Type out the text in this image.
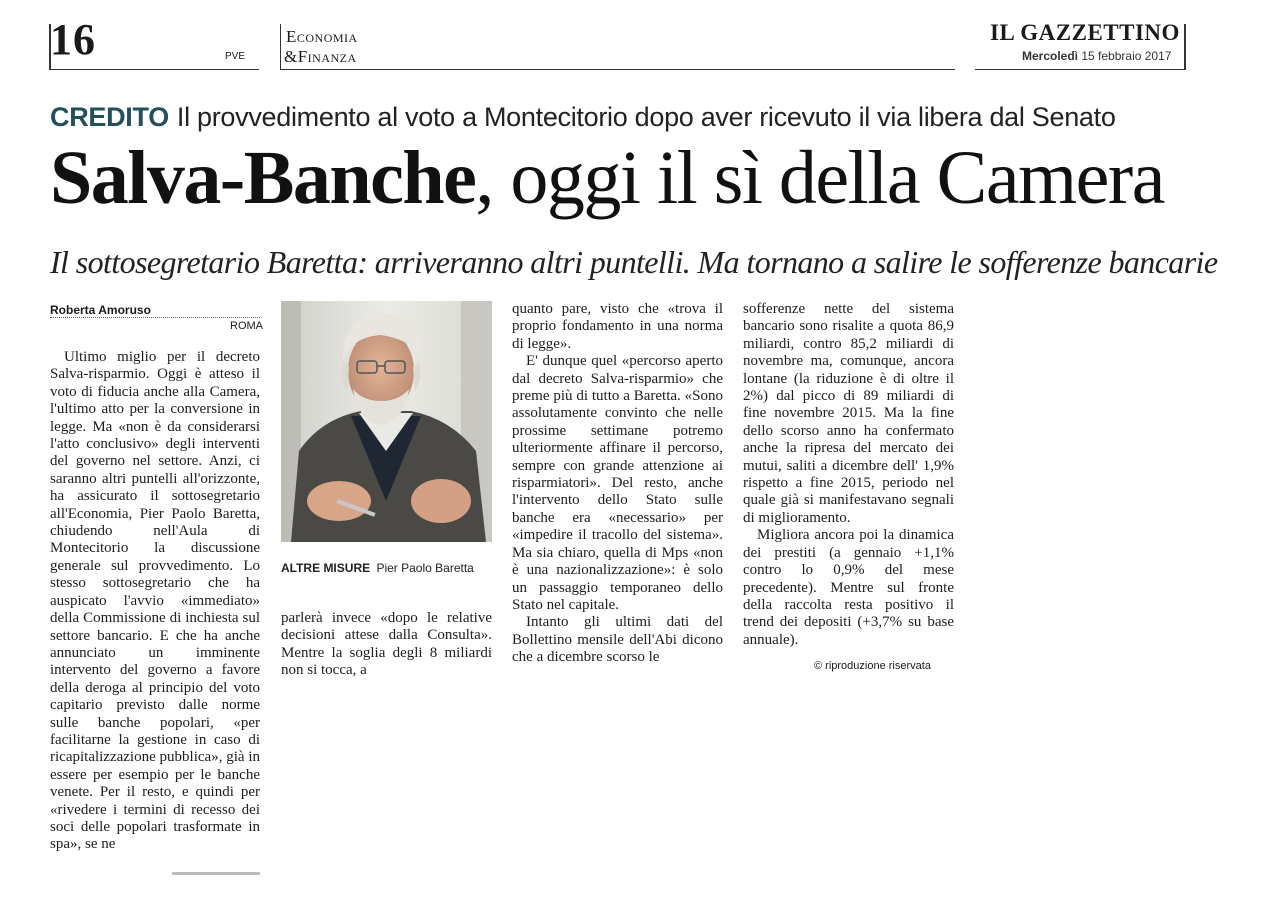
16	PVE
Economia
&Finanza
IL GAZZETTINO
Mercoledì 15 febbraio 2017
CREDITO Il provvedimento al voto a Montecitorio dopo aver ricevuto il via libera dal Senato
Salva-Banche, oggi il sì della Camera
Il sottosegretario Baretta: arriveranno altri puntelli. Ma tornano a salire le sofferenze bancarie
Roberta Amoruso
ROMA

Ultimo miglio per il decreto Salva-risparmio. Oggi è atteso il voto di fiducia anche alla Camera, l'ultimo atto per la conversione in legge. Ma «non è da considerarsi l'atto conclusivo» degli interventi del governo nel settore. Anzi, ci saranno altri puntelli all'orizzonte, ha assicurato il sottosegretario all'Economia, Pier Paolo Baretta, chiudendo nell'Aula di Montecitorio la discussione generale sul provvedimento. Lo stesso sottosegretario che ha auspicato l'avvio «immediato» della Commissione di inchiesta sul settore bancario. E che ha anche annunciato un imminente intervento del governo a favore della deroga al principio del voto capitario previsto dalle norme sulle banche popolari, «per facilitarne la gestione in caso di ricapitalizzazione pubblica», già in essere per esempio per le banche venete. Per il resto, e quindi per «rivedere i termini di recesso dei soci delle popolari trasformate in spa», se ne

parlerà invece «dopo le relative decisioni attese dalla Consulta». Mentre la soglia degli 8 miliardi non si tocca, a

quanto pare, visto che «trova il proprio fondamento in una norma di legge».

E' dunque quel «percorso aperto dal decreto Salva-risparmio» che preme più di tutto a Baretta. «Sono assolutamente convinto che nelle prossime settimane potremo ulteriormente affinare il percorso, sempre con grande attenzione ai risparmiatori». Del resto, anche l'intervento dello Stato sulle banche era «necessario» per «impedire il tracollo del sistema». Ma sia chiaro, quella di Mps «non è una nazionalizzazione»: è solo un passaggio temporaneo dello Stato nel capitale.

Intanto gli ultimi dati del Bollettino mensile dell'Abi dicono che a dicembre scorso le

sofferenze nette del sistema bancario sono risalite a quota 86,9 miliardi, contro 85,2 miliardi di novembre ma, comunque, ancora lontane (la riduzione è di oltre il 2%) dal picco di 89 miliardi di fine novembre 2015. Ma la fine dello scorso anno ha confermato anche la ripresa del mercato dei mutui, saliti a dicembre dell' 1,9% rispetto a fine 2015, periodo nel quale già si manifestavano segnali di miglioramento.

Migliora ancora poi la dinamica dei prestiti (a gennaio +1,1% contro lo 0,9% del mese precedente). Mentre sul fronte della raccolta resta positivo il trend dei depositi (+3,7% su base annuale).

© riproduzione riservata
ALTRE MISURE Pier Paolo Baretta
